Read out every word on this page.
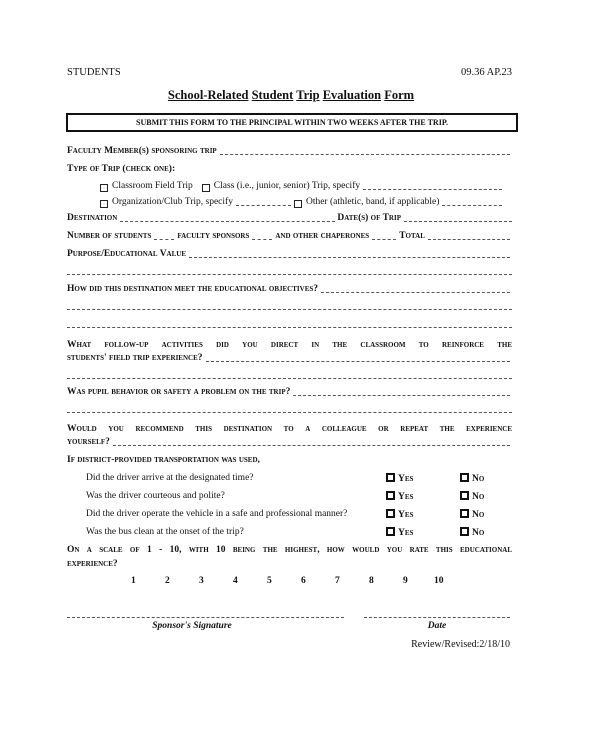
STUDENTS	09.36 AP.23
School-Related Student Trip Evaluation Form
SUBMIT THIS FORM TO THE PRINCIPAL WITHIN TWO WEEKS AFTER THE TRIP.
Faculty Member(s) sponsoring trip
Type of Trip (check one):
Classroom Field Trip Class (i.e., junior, senior) Trip, specify
Organization/Club Trip, specify	Other (athletic, band, if applicable)
Destination	Date(s) of Trip
Number of students	faculty sponsors	and other chaperones	Total
Purpose/Educational Value
How did this destination meet the educational objectives?
What follow-up activities did you direct in the classroom to reinforce the
students' field trip experience?
Was pupil behavior or safety a problem on the trip?
Would you recommend this destination to a colleague or repeat the experience
yourself?
If district-provided transportation was used,
Did the driver arrive at the designated time?	Yes	No
Was the driver courteous and polite?	Yes	No
Did the driver operate the vehicle in a safe and professional manner?	Yes	No
Was the bus clean at the onset of the trip?	Yes	No
On a scale of 1 - 10, with 10 being the highest, how would you rate this educational
experience?
1	2	3	4	5	6	7	8	9	10
Sponsor's Signature	Date
Review/Revised:2/18/10
